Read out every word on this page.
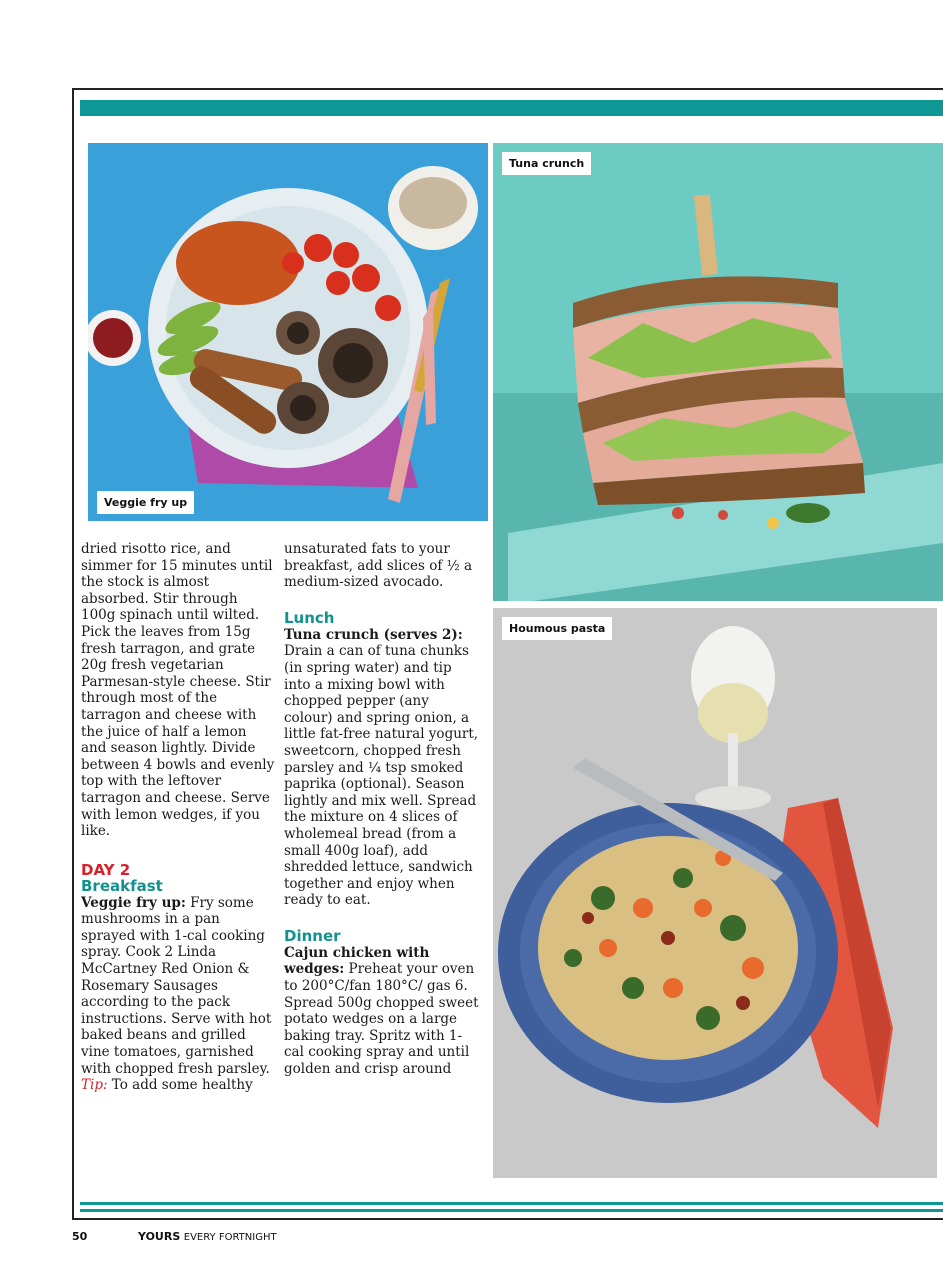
Veggie fry up
Tuna crunch
Houmous pasta

dried risotto rice, and simmer for 15 minutes until the stock is almost absorbed. Stir through 100g spinach until wilted. Pick the leaves from 15g fresh tarragon, and grate 20g fresh vegetarian Parmesan-style cheese. Stir through most of the tarragon and cheese with the juice of half a lemon and season lightly. Divide between 4 bowls and evenly top with the leftover tarragon and cheese. Serve with lemon wedges, if you like.

DAY 2
Breakfast

Veggie fry up: Fry some mushrooms in a pan sprayed with 1-cal cooking spray. Cook 2 Linda McCartney Red Onion & Rosemary Sausages according to the pack instructions. Serve with hot baked beans and grilled vine tomatoes, garnished with chopped fresh parsley.
Tip: To add some healthy

unsaturated fats to your breakfast, add slices of ½ a medium-sized avocado.

Lunch

Tuna crunch (serves 2): Drain a can of tuna chunks (in spring water) and tip into a mixing bowl with chopped pepper (any colour) and spring onion, a little fat-free natural yogurt, sweetcorn, chopped fresh parsley and ¼ tsp smoked paprika (optional). Season lightly and mix well. Spread the mixture on 4 slices of wholemeal bread (from a small 400g loaf), add shredded lettuce, sandwich together and enjoy when ready to eat.

Dinner

Cajun chicken with wedges: Preheat your oven to 200°C/fan 180°C/ gas 6. Spread 500g chopped sweet potato wedges on a large baking tray. Spritz with 1-cal cooking spray and until golden and crisp around

50	YOURS EVERY FORTNIGHT
